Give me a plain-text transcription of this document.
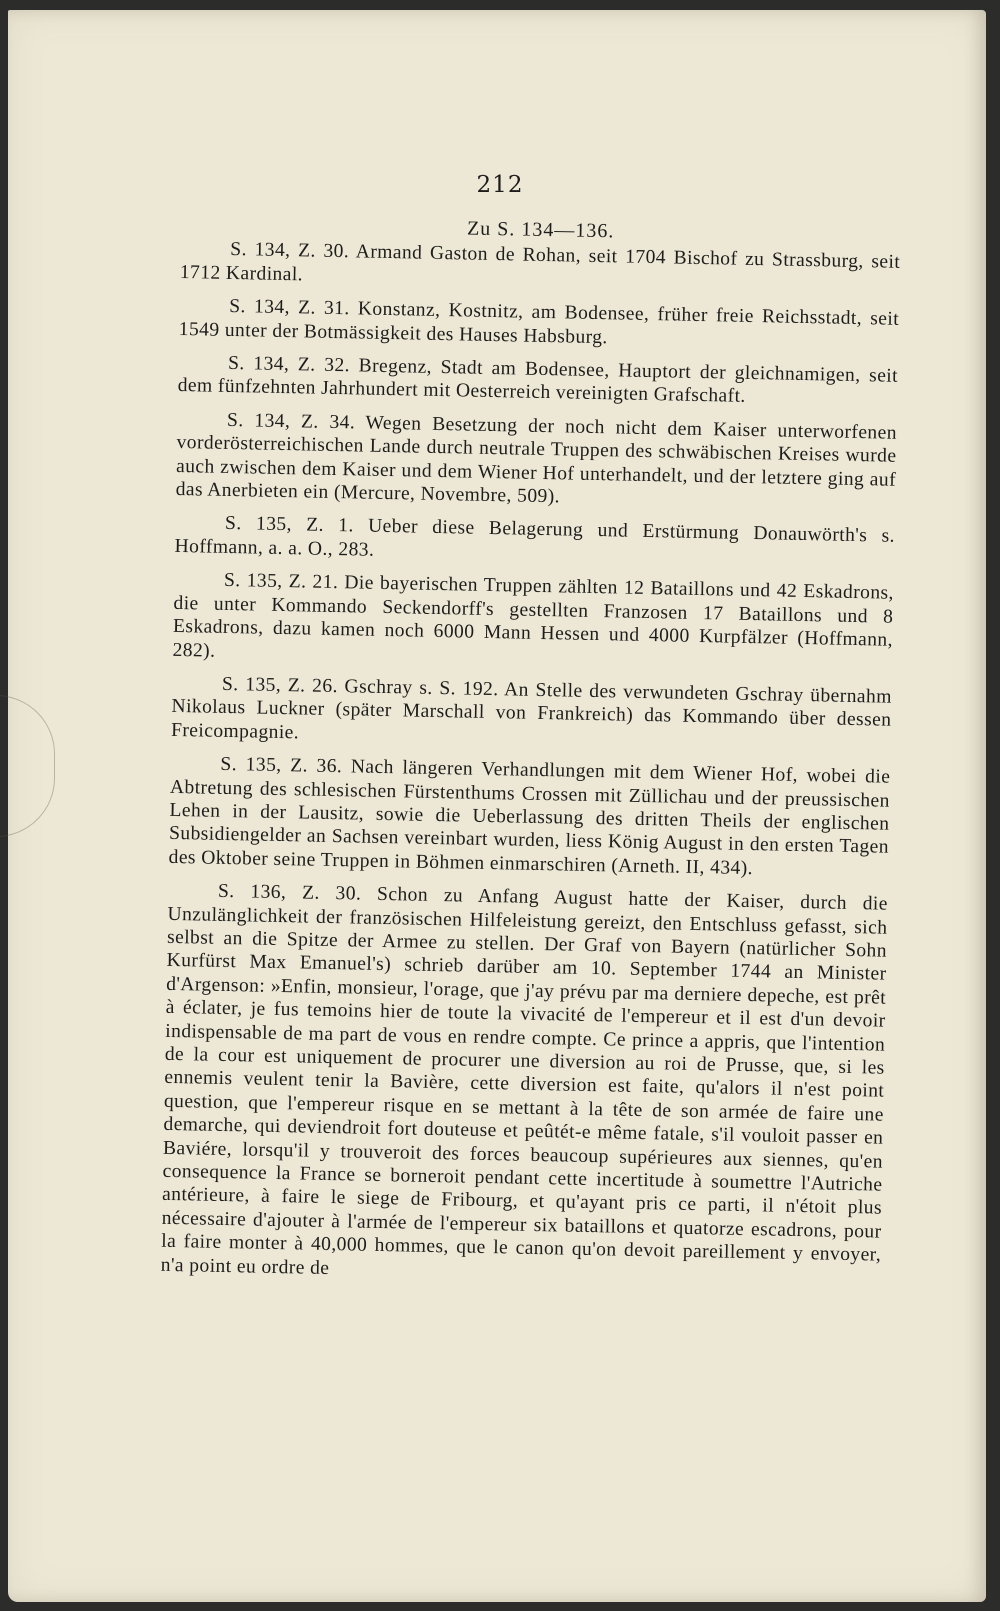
212
Zu S. 134—136.

S. 134, Z. 30. Armand Gaston de Rohan, seit 1704 Bischof zu Strassburg, seit 1712 Kardinal.

S. 134, Z. 31. Konstanz, Kostnitz, am Bodensee, früher freie Reichsstadt, seit 1549 unter der Botmässigkeit des Hauses Habsburg.

S. 134, Z. 32. Bregenz, Stadt am Bodensee, Hauptort der gleichnamigen, seit dem fünfzehnten Jahrhundert mit Oesterreich vereinigten Grafschaft.

S. 134, Z. 34. Wegen Besetzung der noch nicht dem Kaiser unterworfenen vorderösterreichischen Lande durch neutrale Truppen des schwäbischen Kreises wurde auch zwischen dem Kaiser und dem Wiener Hof unterhandelt, und der letztere ging auf das Anerbieten ein (Mercure, Novembre, 509).

S. 135, Z. 1. Ueber diese Belagerung und Erstürmung Donauwörth's s. Hoffmann, a. a. O., 283.

S. 135, Z. 21. Die bayerischen Truppen zählten 12 Bataillons und 42 Eskadrons, die unter Kommando Seckendorff's gestellten Franzosen 17 Bataillons und 8 Eskadrons, dazu kamen noch 6000 Mann Hessen und 4000 Kurpfälzer (Hoffmann, 282).

S. 135, Z. 26. Gschray s. S. 192. An Stelle des verwundeten Gschray übernahm Nikolaus Luckner (später Marschall von Frankreich) das Kommando über dessen Freicompagnie.

S. 135, Z. 36. Nach längeren Verhandlungen mit dem Wiener Hof, wobei die Abtretung des schlesischen Fürstenthums Crossen mit Züllichau und der preussischen Lehen in der Lausitz, sowie die Ueberlassung des dritten Theils der englischen Subsidiengelder an Sachsen vereinbart wurden, liess König August in den ersten Tagen des Oktober seine Truppen in Böhmen einmarschiren (Arneth. II, 434).

S. 136, Z. 30. Schon zu Anfang August hatte der Kaiser, durch die Unzulänglichkeit der französischen Hilfeleistung gereizt, den Entschluss gefasst, sich selbst an die Spitze der Armee zu stellen. Der Graf von Bayern (natürlicher Sohn Kurfürst Max Emanuel's) schrieb darüber am 10. September 1744 an Minister d'Argenson: »Enfin, monsieur, l'orage, que j'ay prévu par ma derniere depeche, est prêt à éclater, je fus temoins hier de toute la vivacité de l'empereur et il est d'un devoir indispensable de ma part de vous en rendre compte. Ce prince a appris, que l'intention de la cour est uniquement de procurer une diversion au roi de Prusse, que, si les ennemis veulent tenir la Bavière, cette diversion est faite, qu'alors il n'est point question, que l'empereur risque en se mettant à la tête de son armée de faire une demarche, qui deviendroit fort douteuse et peûtét-e même fatale, s'il vouloit passer en Baviére, lorsqu'il y trouveroit des forces beaucoup supérieures aux siennes, qu'en consequence la France se borneroit pendant cette incertitude à soumettre l'Autriche antérieure, à faire le siege de Fribourg, et qu'ayant pris ce parti, il n'étoit plus nécessaire d'ajouter à l'armée de l'empereur six bataillons et quatorze escadrons, pour la faire monter à 40,000 hommes, que le canon qu'on devoit pareillement y envoyer, n'a point eu ordre de
